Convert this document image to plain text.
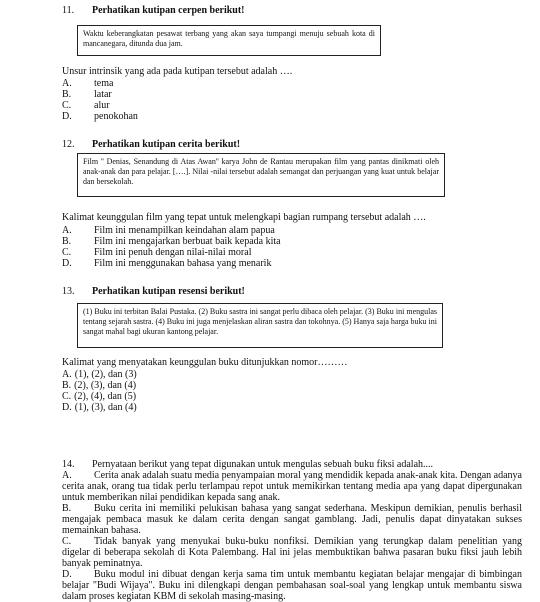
11. Perhatikan kutipan cerpen berikut!
Waktu keberangkatan pesawat terbang yang akan saya tumpangi menuju sebuah kota di mancanegara, ditunda dua jam.
Unsur intrinsik yang ada pada kutipan tersebut adalah ….
A. tema
B. latar
C. alur
D. penokohan
12. Perhatikan kutipan cerita berikut!
Film '' Denias, Senandung di Atas Awan'' karya John de Rantau merupakan film yang pantas dinikmati oleh anak-anak dan para pelajar. [….]. Nilai -nilai tersebut adalah semangat dan perjuangan yang kuat untuk belajar dan bersekolah.
Kalimat keunggulan film yang tepat untuk melengkapi bagian rumpang tersebut adalah ….
A. Film ini menampilkan keindahan alam papua
B. Film ini mengajarkan berbuat baik kepada kita
C. Film ini penuh dengan nilai-nilai moral
D. Film ini menggunakan bahasa yang menarik
13. Perhatikan kutipan resensi berikut!
(1) Buku ini terbitan Balai Pustaka. (2) Buku sastra ini sangat perlu dibaca oleh pelajar. (3) Buku ini mengulas tentang sejarah sastra. (4) Buku ini juga menjelaskan aliran sastra dan tokohnya. (5) Hanya saja harga buku ini sangat mahal bagi ukuran kantong pelajar.
Kalimat yang menyatakan keunggulan buku ditunjukkan nomor………
A. (1), (2), dan (3)
B. (2), (3), dan (4)
C. (2), (4), dan (5)
D. (1), (3), dan (4)

14. Pernyataan berikut yang tepat digunakan untuk mengulas sebuah buku fiksi adalah....

A. Cerita anak adalah suatu media penyampaian moral yang mendidik kepada anak-anak kita. Dengan adanya cerita anak, orang tua tidak perlu terlampau repot untuk memikirkan tentang media apa yang dapat dipergunakan untuk memberikan nilai pendidikan kepada sang anak.

B. Buku cerita ini memiliki pelukisan bahasa yang sangat sederhana. Meskipun demikian, penulis berhasil mengajak pembaca masuk ke dalam cerita dengan sangat gamblang. Jadi, penulis dapat dinyatakan sukses memainkan bahasa.

C. Tidak banyak yang menyukai buku-buku nonfiksi. Demikian yang terungkap dalam penelitian yang digelar di beberapa sekolah di Kota Palembang. Hal ini jelas membuktikan bahwa pasaran buku fiksi jauh lebih banyak peminatnya.

D. Buku modul ini dibuat dengan kerja sama tim untuk membantu kegiatan belajar mengajar di bimbingan belajar "Budi Wijaya". Buku ini dilengkapi dengan pembahasan soal-soal yang lengkap untuk membantu siswa dalam proses kegiatan KBM di sekolah masing-masing.
